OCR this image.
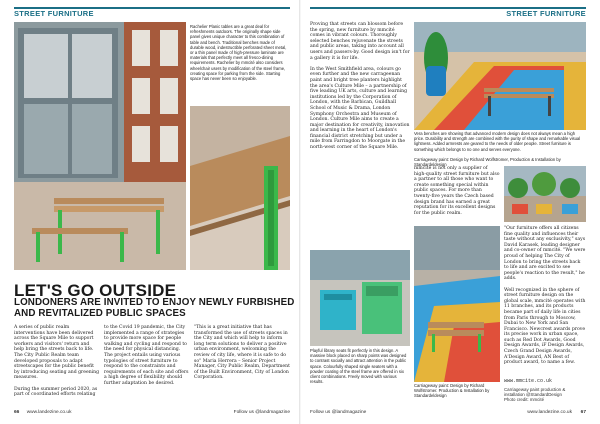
STREET FURNITURE	STREET FURNITURE
Rachelier Planic tables are a great deal for refreshments outdoors. The originally shape side panel gives unique character to this combination of table and bench. Traditional benches made of durable wood, indestructible perforated sheet metal, or a thin panel made of high-pressure laminate are materials that perfectly meet all fresco-dining requirements. Rachelier by mmcité also considers wheelchair users by modification of the steel frame, creating space for parking from the side. Starting space has never been so enjoyable.
LET'S GO OUTSIDE
LONDONERS ARE INVITED TO ENJOY NEWLY FURBISHED AND REVITALIZED PUBLIC SPACES
A series of public realm interventions have been delivered across the Square Mile to support workers and visitors' return and help bring the streets back to life. The City Public Realm team developed proposals to adapt streetscapes for the public benefit by introducing seating and greening measures.

During the summer period 2020, as part of coordinated efforts relating
to the Covid 19 pandemic, the City implemented a range of strategies to provide more space for people walking and cycling and respond to the need for physical distancing. The project entails using various typologies of street furniture to respond to the constraints and requirements of each site and offers a high degree of flexibility should further adaptation be desired.
"This is a great initiative that has transformed the use of streets spaces in the City and which will help to inform long term solutions to deliver a positive urban environment, welcoming the review of city life, where it is safe to do so" Maria Herrera – Senior Project Manager, City Public Realm, Department of the Built Environment, City of London Corporation.
66 www.landezine.co.uk	Follow us @landmagazine
Proving that streets can blossom before the spring, new furniture by mmcité comes in vibrant colours. Thoroughly selected benches rejuvenate the streets and public areas, taking into account all users and passers-by. Good design isn't for a gallery it is for life.

In the West Smithfield area, colours go even further and the new carrageenan paint and bright tree planters highlight the area's Culture Mile – a partnership of five leading UK arts, culture and learning institutions led by the Corporation of London, with the Barbican, Guildhall School of Music & Drama, London Symphony Orchestra and Museum of London. Culture Mile aims to create a major destination for creativity, innovation and learning in the heart of London's financial district stretching but under a mile from Farringdon to Moorgate in the north-west corner of the Square Mile.
Vera benches are showing that advanced modern design does not always mean a high price. Durability and strength are combined with the purity of shape and remarkable visual lightness. Added armrests are geared to the needs of older people. Street furniture is something which belongs to no one and serves everyone.
Carriageway paint: Design by Richard Wolfstromer, Production & Installation by Standardeldesign
mmcité is not only a supplier of high-quality street furniture but also a partner to all those who want to create something special within public spaces. For more than twenty-five years the Czech based design brand has earned a great reputation for its excellent designs for the public realm.
Playful library seats fit perfectly in this design. A massive block placed on sharp points was designed to contrast socially and attract attention in the public space. Colourfully shaped single seaters with a powder coating of the steel frame are offered in six client combinations. Freely moved with various results.
Carriageway paint: Design by Richard Wolfstromer. Production & Installation by Standardeldesign
"Our furniture offers all citizens fine quality and influences their taste without any exclusivity," says David Karasek, leading designer and co-owner of mmcité. "We were proud of helping The City of London to bring the streets back to life and are excited to see people's reaction to the result," he adds.

Well recognized in the sphere of street furniture design on the global scale, mmcité operates with 11 branches, and its products became part of daily life in cities from Paris through to Moscow, Dubai to New York and San Francisco. Newcrest awards prove its precise work in urban space, such as Red Dot Awards, Good Design Awards, iF Design Awards, Czech Grand Design Awards, A'Design Award, AN Best of product award, to name a few.
www.mmcite.co.uk
Carriageway paint production &
installation @StandardDesign
Photo credit: mmcité
Follow us @landmagazine	www.landezine.co.uk 67
